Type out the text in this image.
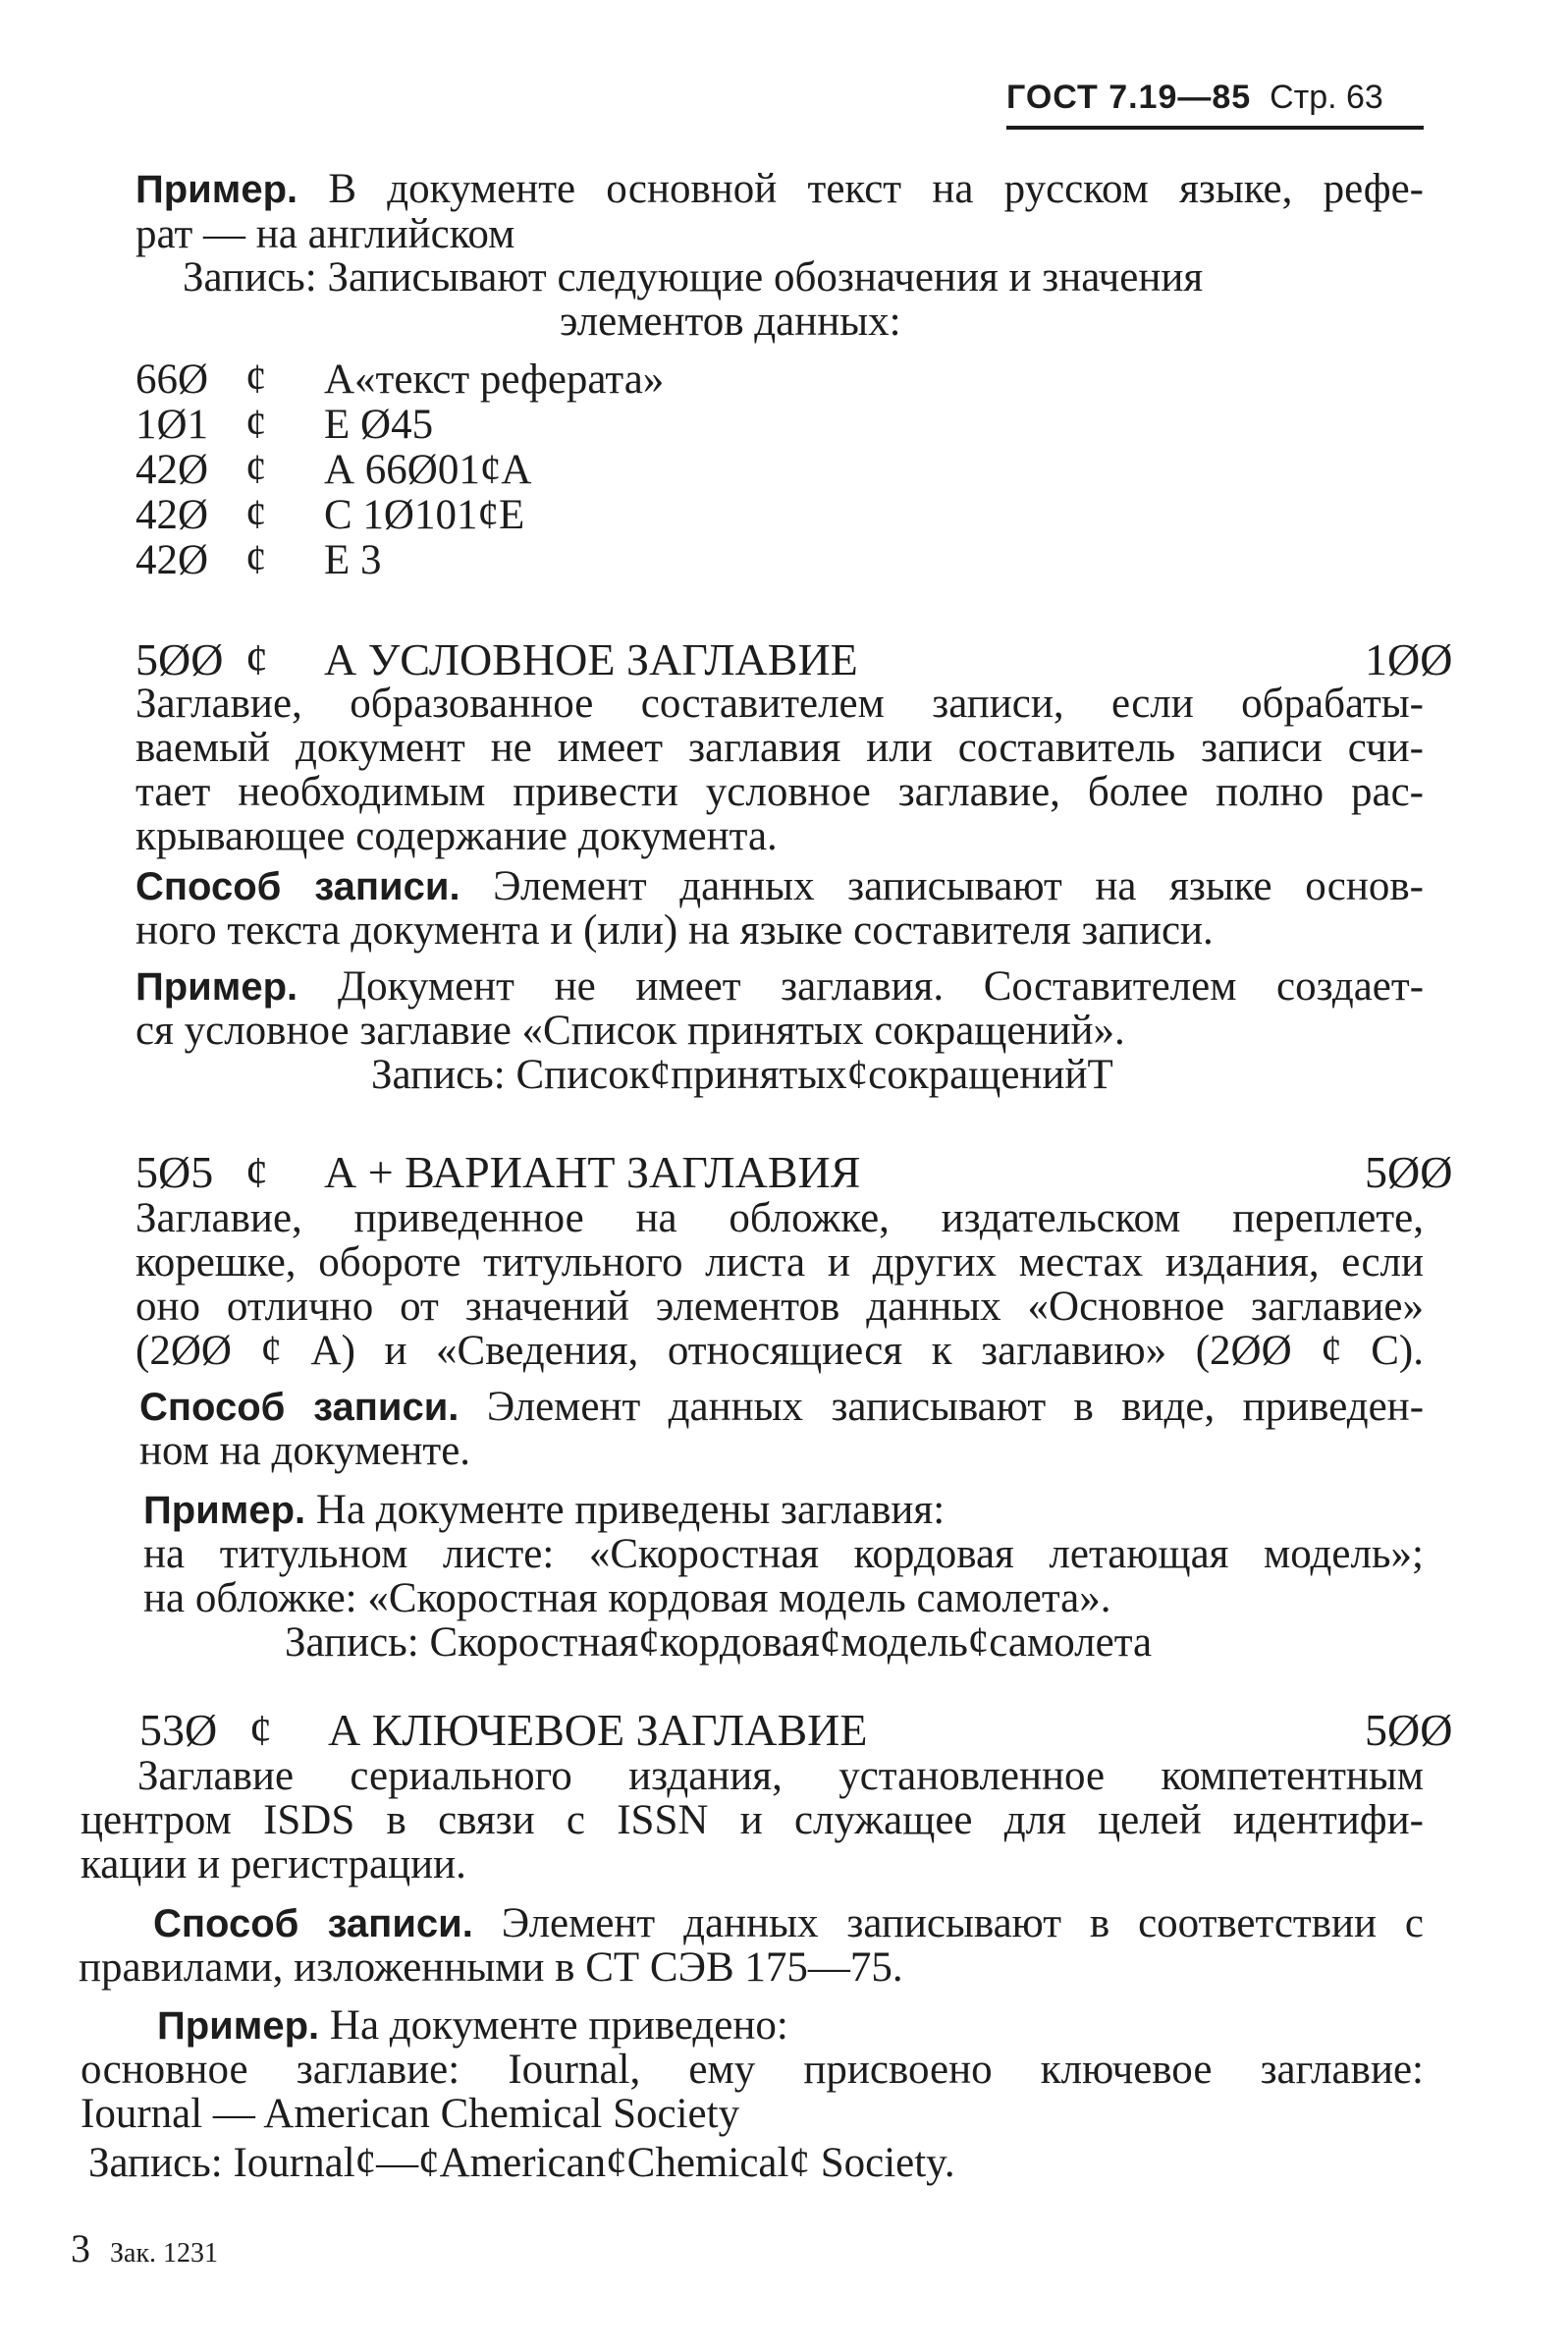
ГОСТ 7.19—85 Стр. 63
Пример. В документе основной текст на русском языке, рефе-
рат — на английском
Запись: Записывают следующие обозначения и значения
элементов данных:
66Ø ȼ А«текст реферата»
1Ø1 ȼ Е Ø45
42Ø ȼ А 66Ø01ȼA
42Ø ȼ С 1Ø101ȼE
42Ø ȼ Е 3
5ØØ ȼ А УСЛОВНОЕ ЗАГЛАВИЕ	1ØØ
Заглавие, образованное составителем записи, если обрабаты-
ваемый документ не имеет заглавия или составитель записи счи-
тает необходимым привести условное заглавие, более полно рас-
крывающее содержание документа.
Способ записи. Элемент данных записывают на языке основ-
ного текста документа и (или) на языке составителя записи.
Пример. Документ не имеет заглавия. Составителем создает-
ся условное заглавие «Список принятых сокращений».
Запись: СписокȼпринятыхȼсокращенийT
5Ø5 ȼ А + ВАРИАНТ ЗАГЛАВИЯ	5ØØ
Заглавие, приведенное на обложке, издательском переплете,
корешке, обороте титульного листа и других местах издания, если
оно отлично от значений элементов данных «Основное заглавие»
(2ØØ ȼ А) и «Сведения, относящиеся к заглавию» (2ØØ ȼ С).
Способ записи. Элемент данных записывают в виде, приведен-
ном на документе.
Пример. На документе приведены заглавия:
на титульном листе: «Скоростная кордовая летающая модель»;
на обложке: «Скоростная кордовая модель самолета».
Запись: Скоростнаяȼкордоваяȼмодельȼсамолета
53Ø ȼ А КЛЮЧЕВОЕ ЗАГЛАВИЕ	5ØØ
Заглавие сериального издания, установленное компетентным
центром ISDS в связи с ISSN и служащее для целей идентифи-
кации и регистрации.
Способ записи. Элемент данных записывают в соответствии с
правилами, изложенными в СТ СЭВ 175—75.
Пример. На документе приведено:
основное заглавие: Iournal, ему присвоено ключевое заглавие:
Iournal — American Chemical Society
Запись: Iournalȼ—ȼAmericanȼChemicalȼ Society.
3 Зак. 1231
